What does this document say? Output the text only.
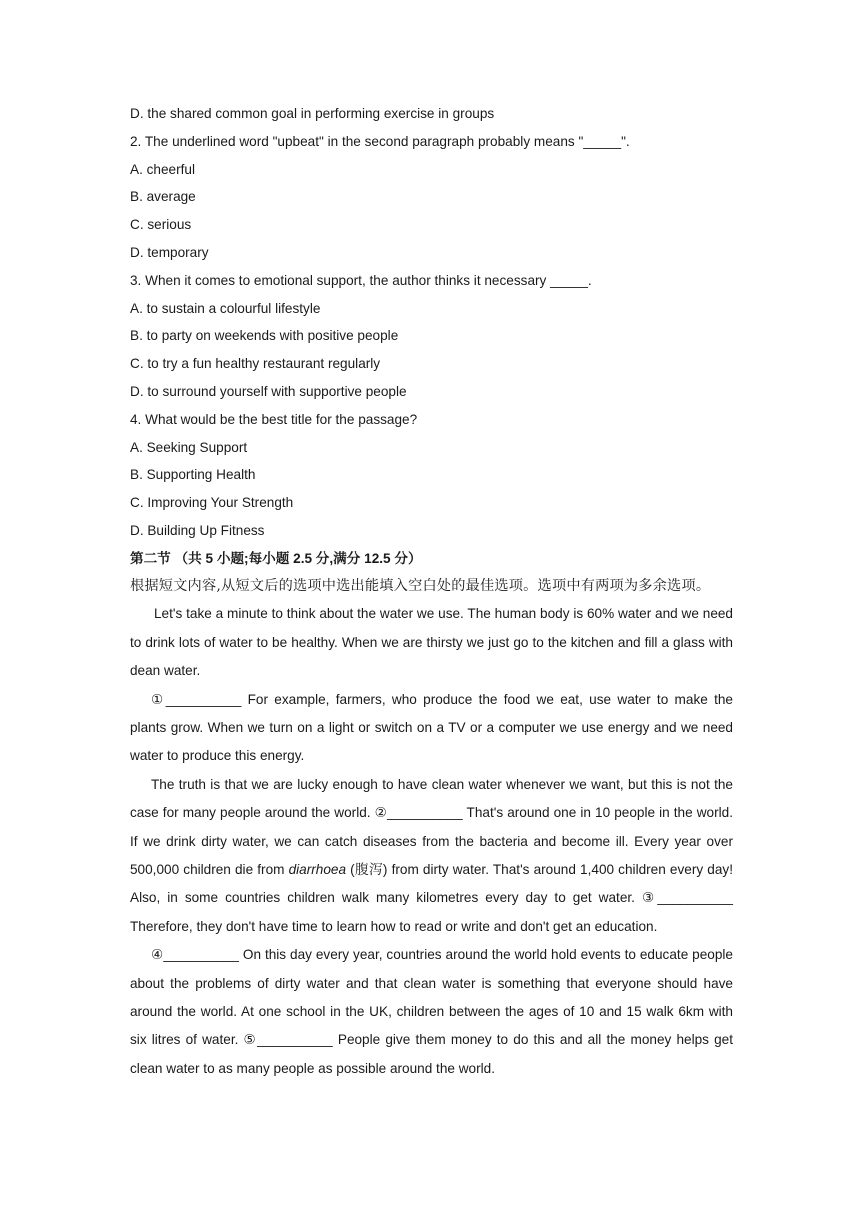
D. the shared common goal in performing exercise in groups
2. The underlined word "upbeat" in the second paragraph probably means "_____".
A. cheerful
B. average
C. serious
D. temporary
3. When it comes to emotional support, the author thinks it necessary _____.
A. to sustain a colourful lifestyle
B. to party on weekends with positive people
C. to try a fun healthy restaurant regularly
D. to surround yourself with supportive people
4. What would be the best title for the passage?
A. Seeking Support
B. Supporting Health
C. Improving Your Strength
D. Building Up Fitness
第二节 （共 5 小题;每小题 2.5 分,满分 12.5 分）
根据短文内容,从短文后的选项中选出能填入空白处的最佳选项。选项中有两项为多余选项。
Let's take a minute to think about the water we use. The human body is 60% water and we need to drink lots of water to be healthy. When we are thirsty we just go to the kitchen and fill a glass with dean water.
①__________ For example, farmers, who produce the food we eat, use water to make the plants grow. When we turn on a light or switch on a TV or a computer we use energy and we need water to produce this energy.
The truth is that we are lucky enough to have clean water whenever we want, but this is not the case for many people around the world. ②__________ That's around one in 10 people in the world. If we drink dirty water, we can catch diseases from the bacteria and become ill. Every year over 500,000 children die from diarrhoea (腹泻) from dirty water. That's around 1,400 children every day! Also, in some countries children walk many kilometres every day to get water. ③__________ Therefore, they don't have time to learn how to read or write and don't get an education.
④__________ On this day every year, countries around the world hold events to educate people about the problems of dirty water and that clean water is something that everyone should have around the world. At one school in the UK, children between the ages of 10 and 15 walk 6km with six litres of water. ⑤__________ People give them money to do this and all the money helps get clean water to as many people as possible around the world.
